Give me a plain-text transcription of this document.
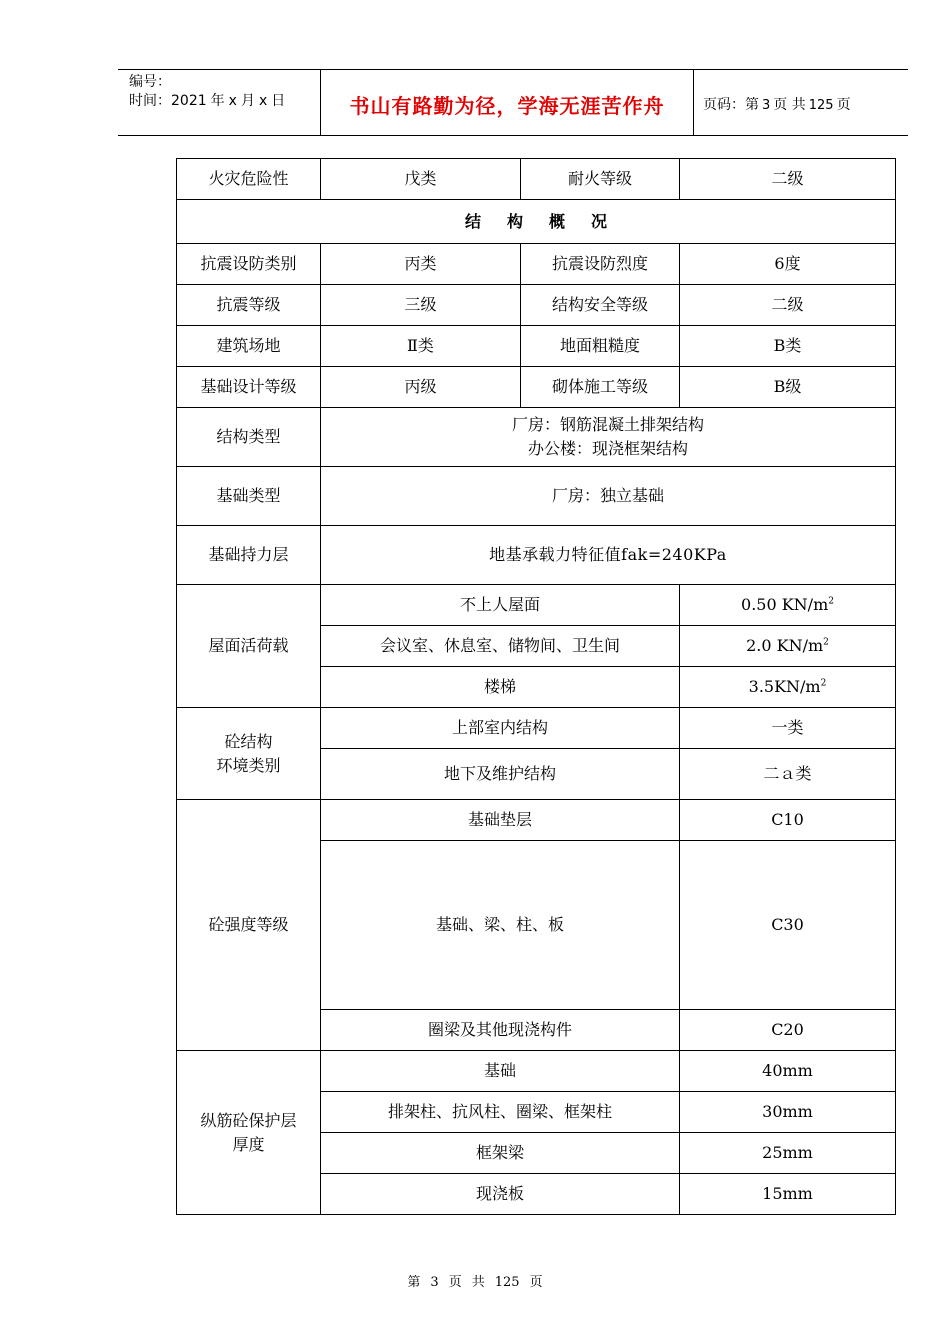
编号：
时间：2021 年 x 月 x 日	书山有路勤为径，学海无涯苦作舟	页码：第 3 页 共 125 页
火灾危险性	戊类	耐火等级	二级
结构概况			
抗震设防类别	丙类	抗震设防烈度	6度
抗震等级	三级	结构安全等级	二级
建筑场地	Ⅱ类	地面粗糙度	B类
基础设计等级	丙级	砌体施工等级	B级
结构类型	厂房：钢筋混凝土排架结构
办公楼：现浇框架结构		

基础类型	厂房：独立基础		
基础持力层	地基承载力特征值fak=240KPa		
屋面活荷载	不上人屋面		0.50 $KN/m^2$
	会议室、休息室、储物间、卫生间		2.0 $KN/m^2$
	楼梯		$3.5KN/m^2$

砼结构
环境类别	上部室内结构		一类
	地下及维护结构		二ａ类
砼强度等级	基础垫层		C10
	基础、梁、柱、板		C30
	圈梁及其他现浇构件		C20

纵筋砼保护层
厚度	基础		40mm
	排架柱、抗风柱、圈梁、框架柱		30mm
	框架梁		25mm
	现浇板		15mm
第 3 页 共 125 页
